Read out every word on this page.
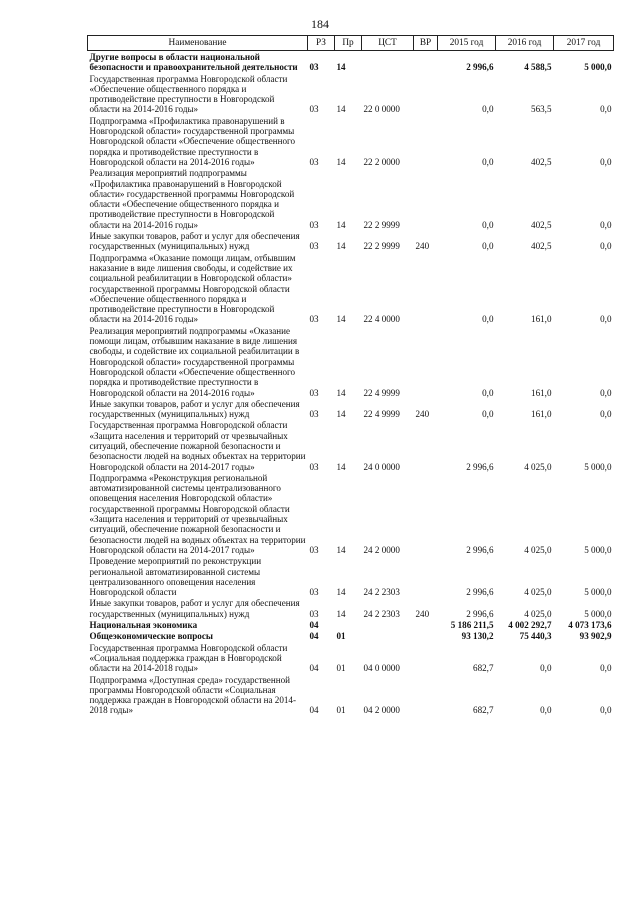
184
Наименование	РЗ	Пр	ЦСТ	ВР	2015 год	2016 год	2017 год
Другие вопросы в области национальной безопасности и правоохранительной деятельности	03	14			2 996,6	4 588,5	5 000,0
Государственная программа Новгородской области «Обеспечение общественного порядка и противодействие преступности в Новгородской области на 2014-2016 годы»	03	14	22 0 0000		0,0	563,5	0,0
Подпрограмма «Профилактика правонарушений в Новгородской области» государственной программы Новгородской области «Обеспечение общественного порядка и противодействие преступности в Новгородской области на 2014-2016 годы»	03	14	22 2 0000		0,0	402,5	0,0
Реализация мероприятий подпрограммы «Профилактика правонарушений в Новгородской области» государственной программы Новгородской области «Обеспечение общественного порядка и противодействие преступности в Новгородской области на 2014-2016 годы»	03	14	22 2 9999		0,0	402,5	0,0
Иные закупки товаров, работ и услуг для обеспечения государственных (муниципальных) нужд	03	14	22 2 9999	240	0,0	402,5	0,0
Подпрограмма «Оказание помощи лицам, отбывшим наказание в виде лишения свободы, и содействие их социальной реабилитации в Новгородской области» государственной программы Новгородской области «Обеспечение общественного порядка и противодействие преступности в Новгородской области на 2014-2016 годы»	03	14	22 4 0000		0,0	161,0	0,0
Реализация мероприятий подпрограммы «Оказание помощи лицам, отбывшим наказание в виде лишения свободы, и содействие их социальной реабилитации в Новгородской области» государственной программы Новгородской области «Обеспечение общественного порядка и противодействие преступности в Новгородской области на 2014-2016 годы»	03	14	22 4 9999		0,0	161,0	0,0
Иные закупки товаров, работ и услуг для обеспечения государственных (муниципальных) нужд	03	14	22 4 9999	240	0,0	161,0	0,0
Государственная программа Новгородской области «Защита населения и территорий от чрезвычайных ситуаций, обеспечение пожарной безопасности и безопасности людей на водных объектах на территории Новгородской области на 2014-2017 годы»	03	14	24 0 0000		2 996,6	4 025,0	5 000,0
Подпрограмма «Реконструкция региональной автоматизированной системы централизованного оповещения населения Новгородской области» государственной программы Новгородской области «Защита населения и территорий от чрезвычайных ситуаций, обеспечение пожарной безопасности и безопасности людей на водных объектах на территории Новгородской области на 2014-2017 годы»	03	14	24 2 0000		2 996,6	4 025,0	5 000,0
Проведение мероприятий по реконструкции региональной автоматизированной системы централизованного оповещения населения Новгородской области	03	14	24 2 2303		2 996,6	4 025,0	5 000,0
Иные закупки товаров, работ и услуг для обеспечения государственных (муниципальных) нужд	03	14	24 2 2303	240	2 996,6	4 025,0	5 000,0
Национальная экономика	04				5 186 211,5	4 002 292,7	4 073 173,6
Общеэкономические вопросы	04	01			93 130,2	75 440,3	93 902,9
Государственная программа Новгородской области «Социальная поддержка граждан в Новгородской области на 2014-2018 годы»	04	01	04 0 0000		682,7	0,0	0,0
Подпрограмма «Доступная среда» государственной программы Новгородской области «Социальная поддержка граждан в Новгородской области на 2014-2018 годы»	04	01	04 2 0000		682,7	0,0	0,0
